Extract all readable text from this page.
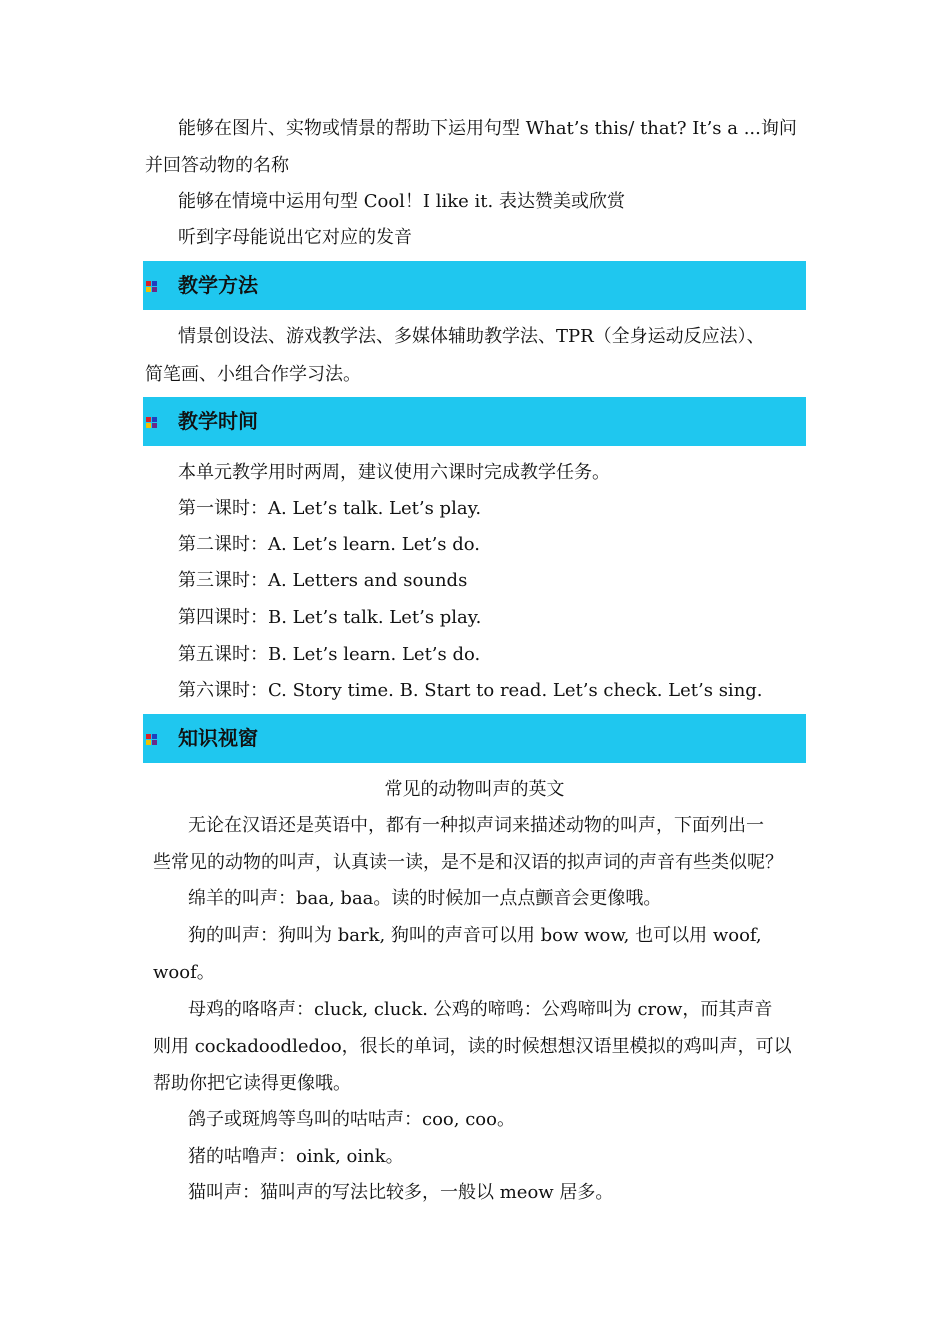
能够在图片、实物或情景的帮助下运用句型 What’s this/ that? It’s a ...询问
并回答动物的名称
能够在情境中运用句型 Cool！I like it. 表达赞美或欣赏
听到字母能说出它对应的发音
教学方法
情景创设法、游戏教学法、多媒体辅助教学法、TPR（全身运动反应法）、
简笔画、小组合作学习法。
教学时间
本单元教学用时两周，建议使用六课时完成教学任务。
第一课时：A. Let’s talk. Let’s play.
第二课时：A. Let’s learn. Let’s do.
第三课时：A. Letters and sounds
第四课时：B. Let’s talk. Let’s play.
第五课时：B. Let’s learn. Let’s do.
第六课时：C. Story time. B. Start to read. Let’s check. Let’s sing.
知识视窗
常见的动物叫声的英文
无论在汉语还是英语中，都有一种拟声词来描述动物的叫声，下面列出一
些常见的动物的叫声，认真读一读，是不是和汉语的拟声词的声音有些类似呢？
绵羊的叫声：baa, baa。读的时候加一点点颤音会更像哦。
狗的叫声：狗叫为 bark, 狗叫的声音可以用 bow wow, 也可以用 woof,
woof。
母鸡的咯咯声：cluck, cluck. 公鸡的啼鸣：公鸡啼叫为 crow，而其声音
则用 cockadoodledoo，很长的单词，读的时候想想汉语里模拟的鸡叫声，可以
帮助你把它读得更像哦。
鸽子或斑鸠等鸟叫的咕咕声：coo, coo。
猪的咕噜声：oink, oink。
猫叫声：猫叫声的写法比较多，一般以 meow 居多。
